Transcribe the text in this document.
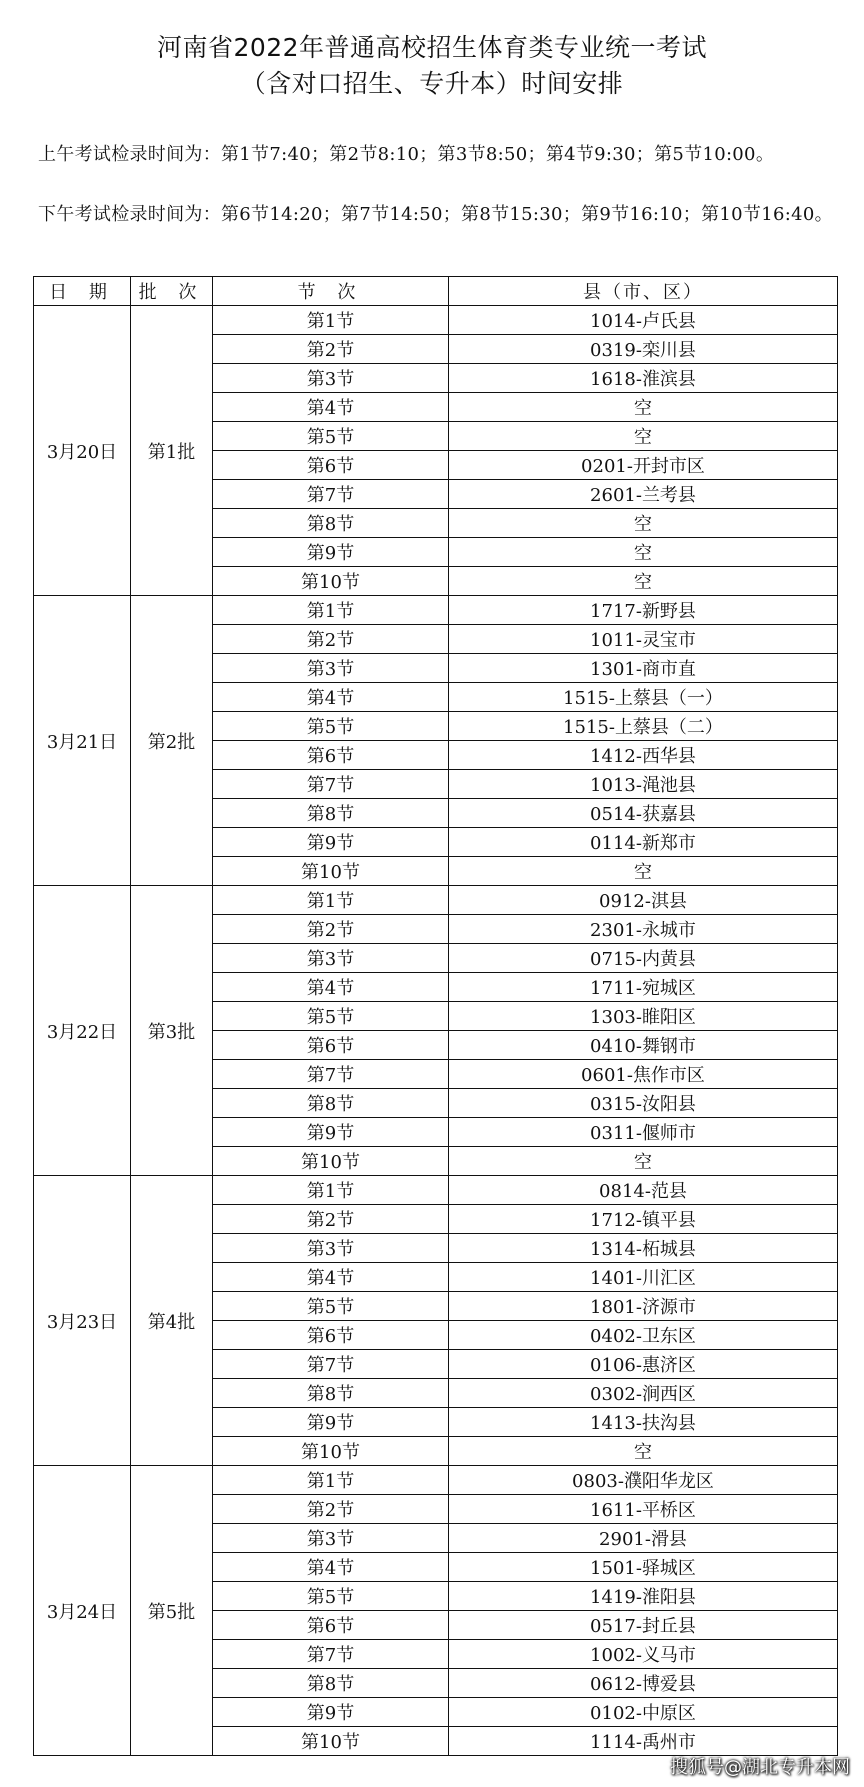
河南省2022年普通高校招生体育类专业统一考试
（含对口招生、专升本）时间安排
上午考试检录时间为：第1节7:40；第2节8:10；第3节8:50；第4节9:30；第5节10:00。
下午考试检录时间为：第6节14:20；第7节14:50；第8节15:30；第9节16:10；第10节16:40。
日 期	批 次	节 次	县（市、区）
3月20日	第1批	第1节	1014-卢氏县
		第2节	0319-栾川县
		第3节	1618-淮滨县
		第4节	空
		第5节	空
		第6节	0201-开封市区
		第7节	2601-兰考县
		第8节	空
		第9节	空
		第10节	空
3月21日	第2批	第1节	1717-新野县
		第2节	1011-灵宝市
		第3节	1301-商市直
		第4节	1515-上蔡县（一）
		第5节	1515-上蔡县（二）
		第6节	1412-西华县
		第7节	1013-渑池县
		第8节	0514-获嘉县
		第9节	0114-新郑市
		第10节	空
3月22日	第3批	第1节	0912-淇县
		第2节	2301-永城市
		第3节	0715-内黄县
		第4节	1711-宛城区
		第5节	1303-睢阳区
		第6节	0410-舞钢市
		第7节	0601-焦作市区
		第8节	0315-汝阳县
		第9节	0311-偃师市
		第10节	空
3月23日	第4批	第1节	0814-范县
		第2节	1712-镇平县
		第3节	1314-柘城县
		第4节	1401-川汇区
		第5节	1801-济源市
		第6节	0402-卫东区
		第7节	0106-惠济区
		第8节	0302-涧西区
		第9节	1413-扶沟县
		第10节	空
3月24日	第5批	第1节	0803-濮阳华龙区
		第2节	1611-平桥区
		第3节	2901-滑县
		第4节	1501-驿城区
		第5节	1419-淮阳县
		第6节	0517-封丘县
		第7节	1002-义马市
		第8节	0612-博爱县
		第9节	0102-中原区
		第10节	1114-禹州市
搜狐号@湖北专升本网
